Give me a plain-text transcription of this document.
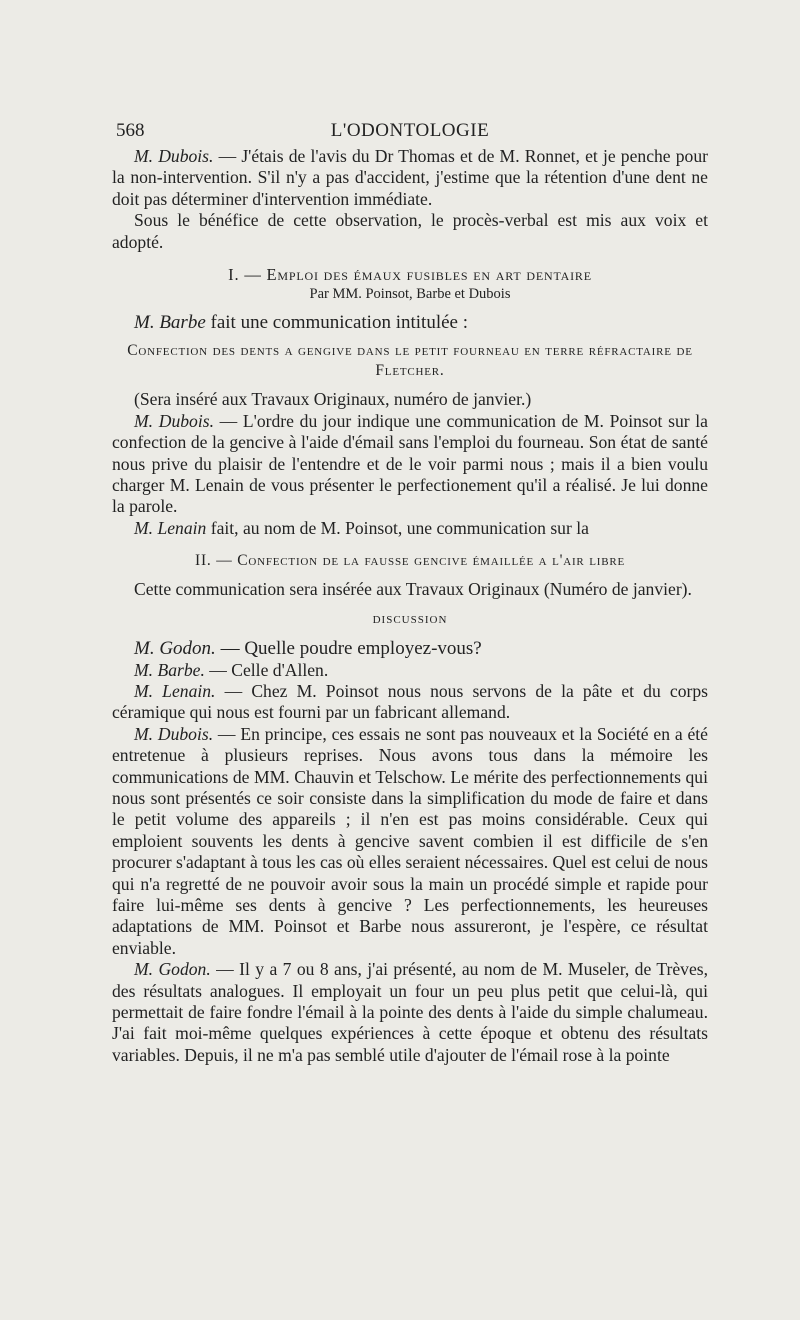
568	L'ODONTOLOGIE

M. Dubois. — J'étais de l'avis du Dr Thomas et de M. Ronnet, et je penche pour la non-intervention. S'il n'y a pas d'accident, j'estime que la rétention d'une dent ne doit pas déterminer d'intervention immédiate.

Sous le bénéfice de cette observation, le procès-verbal est mis aux voix et adopté.

I. — Emploi des émaux fusibles en art dentaire

Par MM. Poinsot, Barbe et Dubois

M. Barbe fait une communication intitulée :

Confection des dents a gengive dans le petit fourneau en terre réfractaire de Fletcher.

(Sera inséré aux Travaux Originaux, numéro de janvier.)

M. Dubois. — L'ordre du jour indique une communication de M. Poinsot sur la confection de la gencive à l'aide d'émail sans l'emploi du fourneau. Son état de santé nous prive du plaisir de l'entendre et de le voir parmi nous ; mais il a bien voulu charger M. Lenain de vous présenter le perfectionement qu'il a réalisé. Je lui donne la parole.

M. Lenain fait, au nom de M. Poinsot, une communication sur la

II. — Confection de la fausse gencive émaillée a l'air libre

Cette communication sera insérée aux Travaux Originaux (Numéro de janvier).

discussion

M. Godon. — Quelle poudre employez-vous?

M. Barbe. — Celle d'Allen.

M. Lenain. — Chez M. Poinsot nous nous servons de la pâte et du corps céramique qui nous est fourni par un fabricant allemand.

M. Dubois. — En principe, ces essais ne sont pas nouveaux et la Société en a été entretenue à plusieurs reprises. Nous avons tous dans la mémoire les communications de MM. Chauvin et Telschow. Le mérite des perfectionnements qui nous sont présentés ce soir consiste dans la simplification du mode de faire et dans le petit volume des appareils ; il n'en est pas moins considérable. Ceux qui emploient souvents les dents à gencive savent combien il est difficile de s'en procurer s'adaptant à tous les cas où elles seraient nécessaires. Quel est celui de nous qui n'a regretté de ne pouvoir avoir sous la main un procédé simple et rapide pour faire lui-même ses dents à gencive ? Les perfectionnements, les heureuses adaptations de MM. Poinsot et Barbe nous assureront, je l'espère, ce résultat enviable.

M. Godon. — Il y a 7 ou 8 ans, j'ai présenté, au nom de M. Museler, de Trèves, des résultats analogues. Il employait un four un peu plus petit que celui-là, qui permettait de faire fondre l'émail à la pointe des dents à l'aide du simple chalumeau. J'ai fait moi-même quelques expériences à cette époque et obtenu des résultats variables. Depuis, il ne m'a pas semblé utile d'ajouter de l'émail rose à la pointe
